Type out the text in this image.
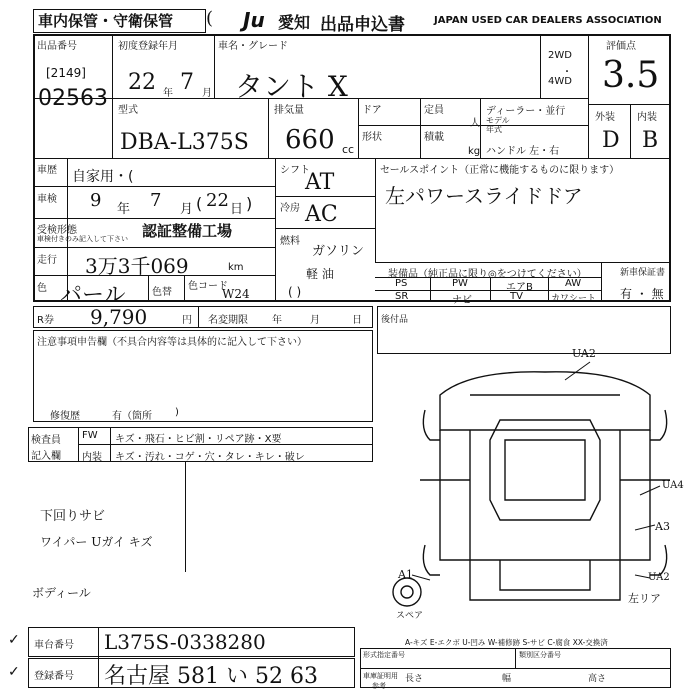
車内保管・守衛保管 ( Ju 愛知 出品申込書	JAPAN USED CAR DEALERS ASSOCIATION
出品番号
[2149]
02563
初度登録年月
22 年 7 月
車名・グレード
タント X
2WD
4WD
・
評価点
3.5
型式
DBA-L375S
排気量
660 cc
ドア	定員
人
形状	積載
kg
ディーラー・並行
モデル
年式
ハンドル 左・右
外装 内装
D B
車歴 自家用・(
車検 9 年 7 月 ( 22 日 )
受検形態
車検付きのみ記入して下さい 認証整備工場
走行 3万3千069	km
色 パール	色替
色コード
W24
シフト
AT
冷房 AC
燃料
ガソリン
軽 油
( )
セールスポイント（正常に機能するものに限ります）
左パワースライドドア
装備品（純正品に限り◎をつけてください）	新車保証書
有 ・ 無
PS	PW	エアB	AW
SR	ナビ	TV	カワシート
R券 9,790	円 名変期限 年	月	日 後付品
注意事項申告欄（不具合内容等は具体的に記入して下さい）
修復歴	有（箇所 )
検査員
記入欄
FW キズ・飛石・ヒビ割・リペア跡・X要
内装 キズ・汚れ・コゲ・穴・タレ・キレ・破レ
下回りサビ
ワイパー Uガイ キズ
ボディール
UA2
UA4
A3
UA2
左リア
A1
スペア
車台番号 L375S-0338280
登録番号 名古屋 581 い 52 63
✓
✓
A-キズ E-エクボ U-凹み W-補修跡 S-サビ C-腐食 XX-交換済
形式指定番号	類別区分番号
車庫証明用
参考
長さ	幅	高さ
